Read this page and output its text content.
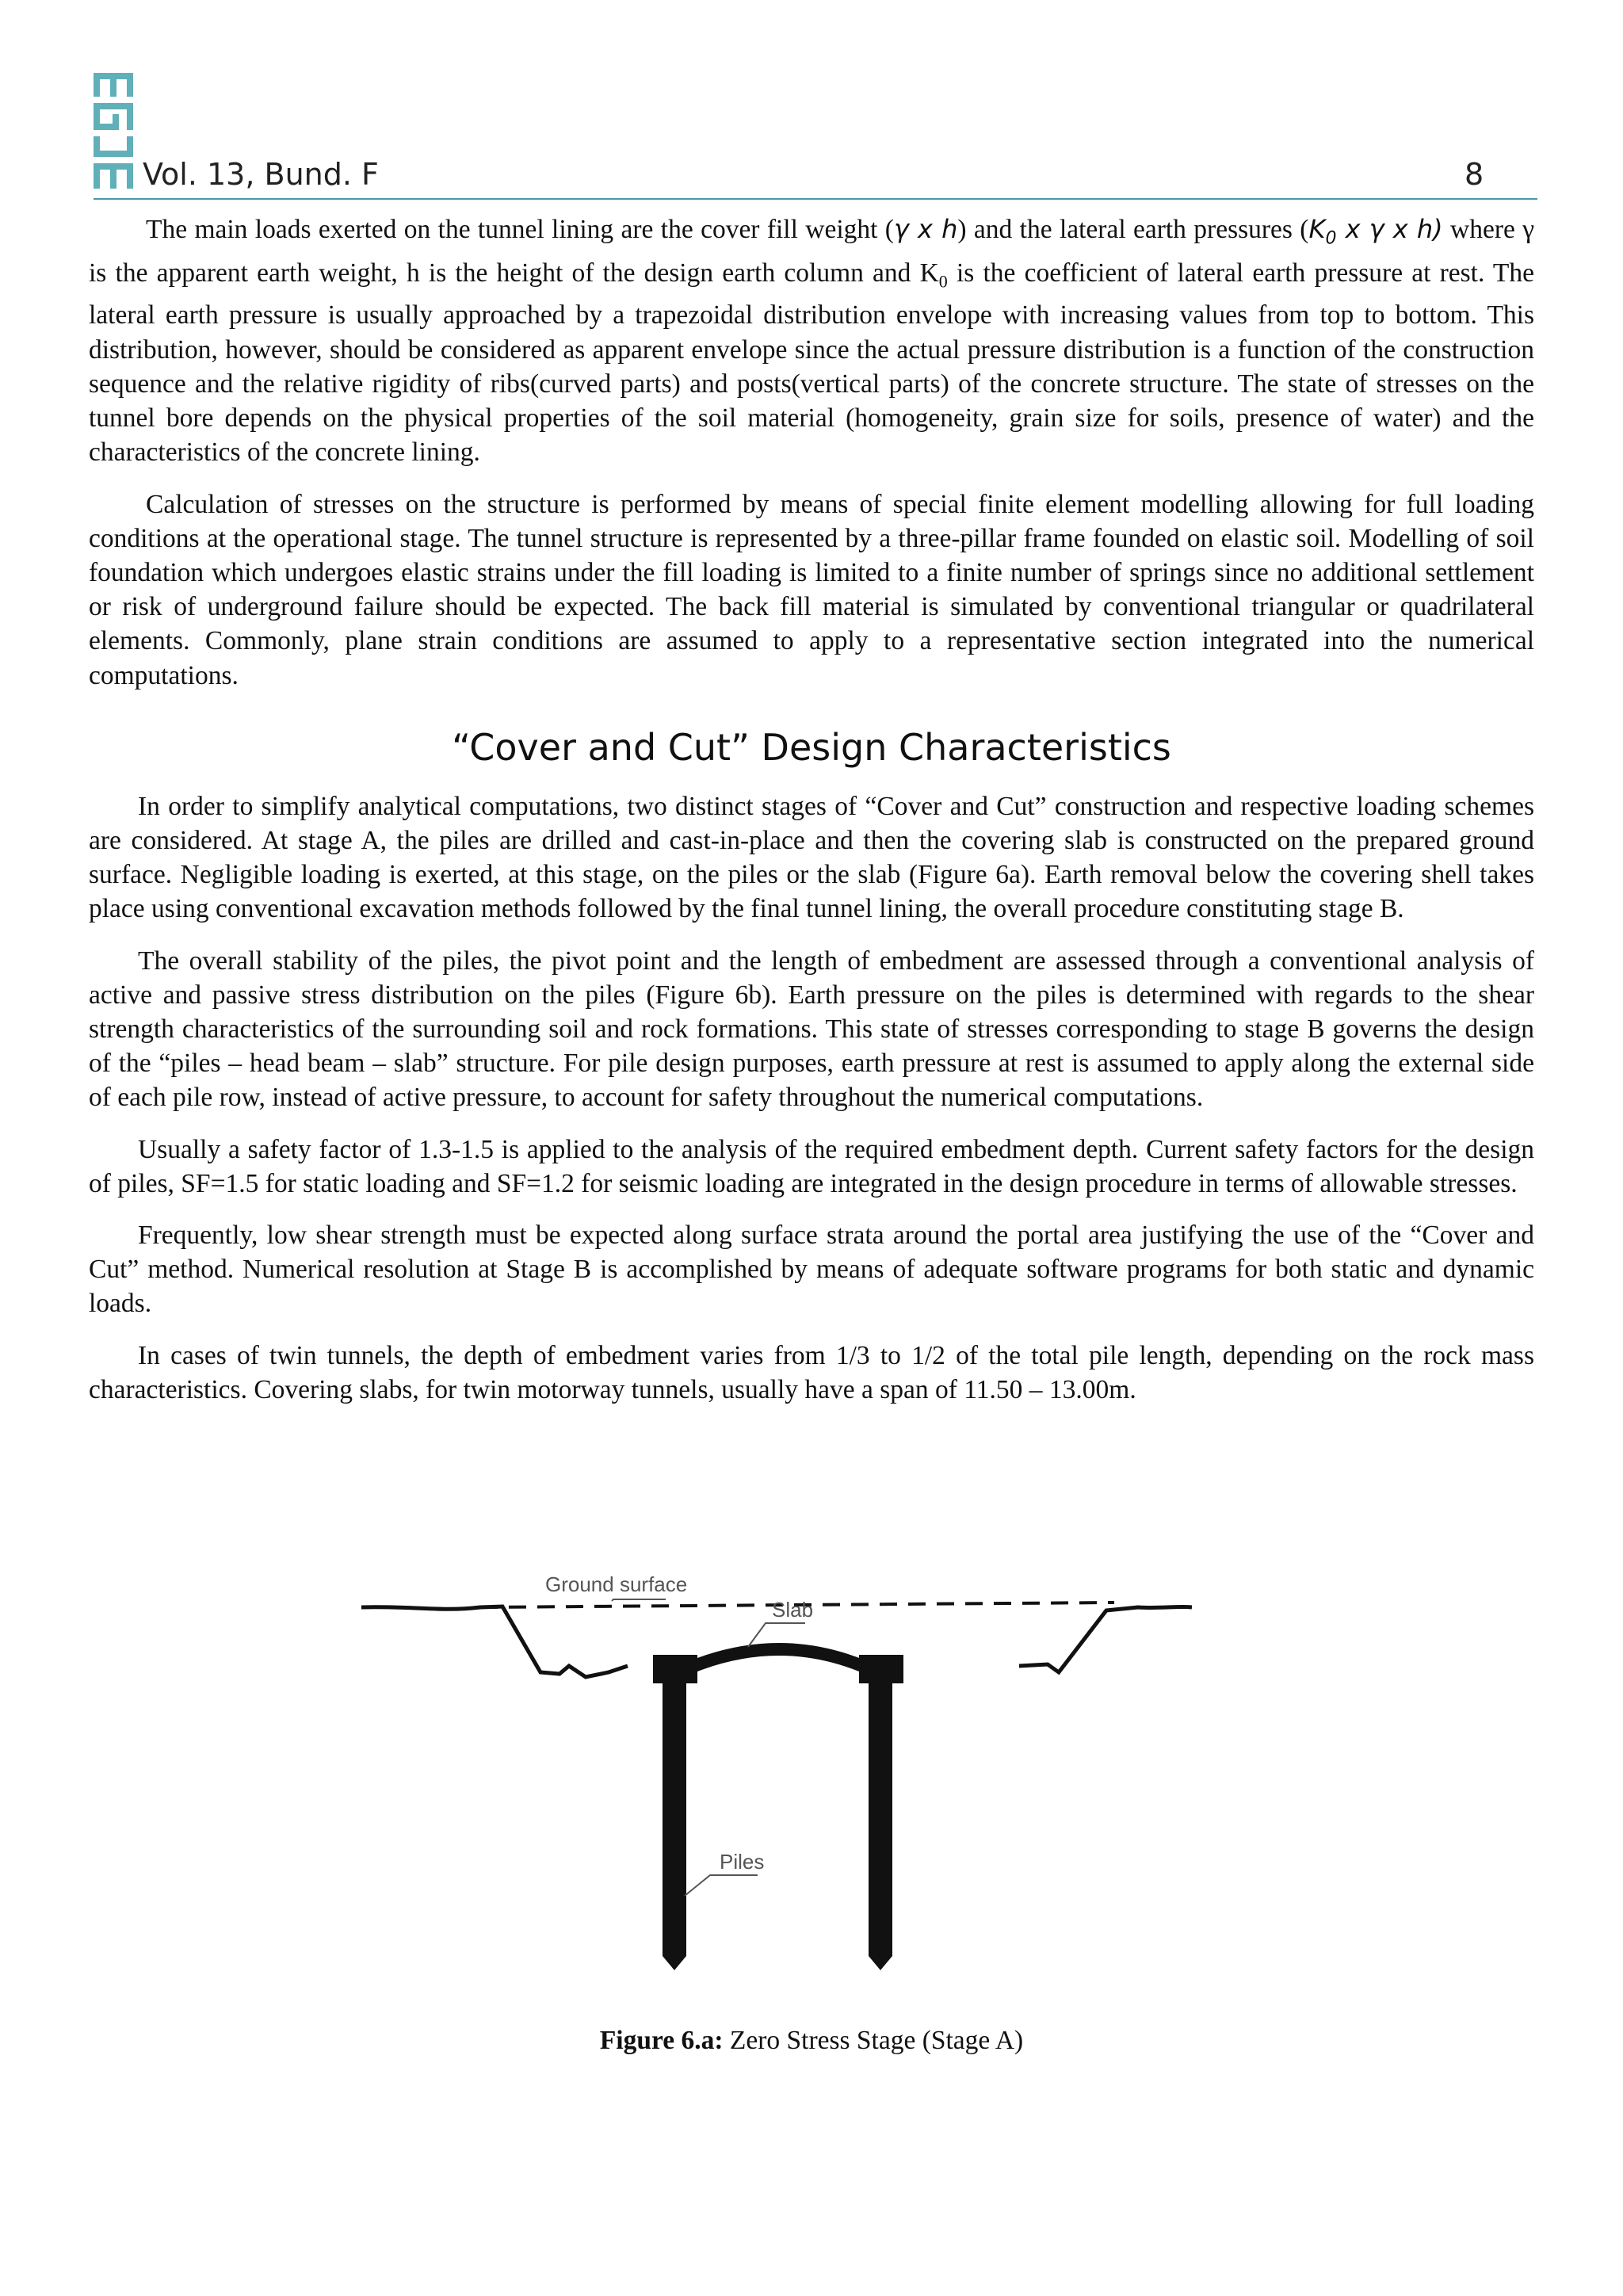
Vol. 13, Bund. F	8

The main loads exerted on the tunnel lining are the cover fill weight (γ x h) and the lateral earth pressures ($K_0$ x γ x h) where γ is the apparent earth weight, h is the height of the design earth column and $K_0$ is the coefficient of lateral earth pressure at rest. The lateral earth pressure is usually approached by a trapezoidal distribution envelope with increasing values from top to bottom. This distribution, however, should be considered as apparent envelope since the actual pressure distribution is a function of the construction sequence and the relative rigidity of ribs(curved parts) and posts(vertical parts) of the concrete structure. The state of stresses on the tunnel bore depends on the physical properties of the soil material (homogeneity, grain size for soils, presence of water) and the characteristics of the concrete lining.

Calculation of stresses on the structure is performed by means of special finite element modelling allowing for full loading conditions at the operational stage. The tunnel structure is represented by a three-pillar frame founded on elastic soil. Modelling of soil foundation which undergoes elastic strains under the fill loading is limited to a finite number of springs since no additional settlement or risk of underground failure should be expected. The back fill material is simulated by conventional triangular or quadrilateral elements. Commonly, plane strain conditions are assumed to apply to a representative section integrated into the numerical computations.

“Cover and Cut” Design Characteristics

In order to simplify analytical computations, two distinct stages of “Cover and Cut” construction and respective loading schemes are considered. At stage A, the piles are drilled and cast-in-place and then the covering slab is constructed on the prepared ground surface. Negligible loading is exerted, at this stage, on the piles or the slab (Figure 6a). Earth removal below the covering shell takes place using conventional excavation methods followed by the final tunnel lining, the overall procedure constituting stage B.

The overall stability of the piles, the pivot point and the length of embedment are assessed through a conventional analysis of active and passive stress distribution on the piles (Figure 6b). Earth pressure on the piles is determined with regards to the shear strength characteristics of the surrounding soil and rock formations. This state of stresses corresponding to stage B governs the design of the “piles – head beam – slab” structure. For pile design purposes, earth pressure at rest is assumed to apply along the external side of each pile row, instead of active pressure, to account for safety throughout the numerical computations.

Usually a safety factor of 1.3-1.5 is applied to the analysis of the required embedment depth. Current safety factors for the design of piles, SF=1.5 for static loading and SF=1.2 for seismic loading are integrated in the design procedure in terms of allowable stresses.

Frequently, low shear strength must be expected along surface strata around the portal area justifying the use of the “Cover and Cut” method. Numerical resolution at Stage B is accomplished by means of adequate software programs for both static and dynamic loads.

In cases of twin tunnels, the depth of embedment varies from 1/3 to 1/2 of the total pile length, depending on the rock mass characteristics. Covering slabs, for twin motorway tunnels, usually have a span of 11.50 – 13.00m.

Ground surface
Slab
Piles
Figure 6.a: Zero Stress Stage (Stage A)
